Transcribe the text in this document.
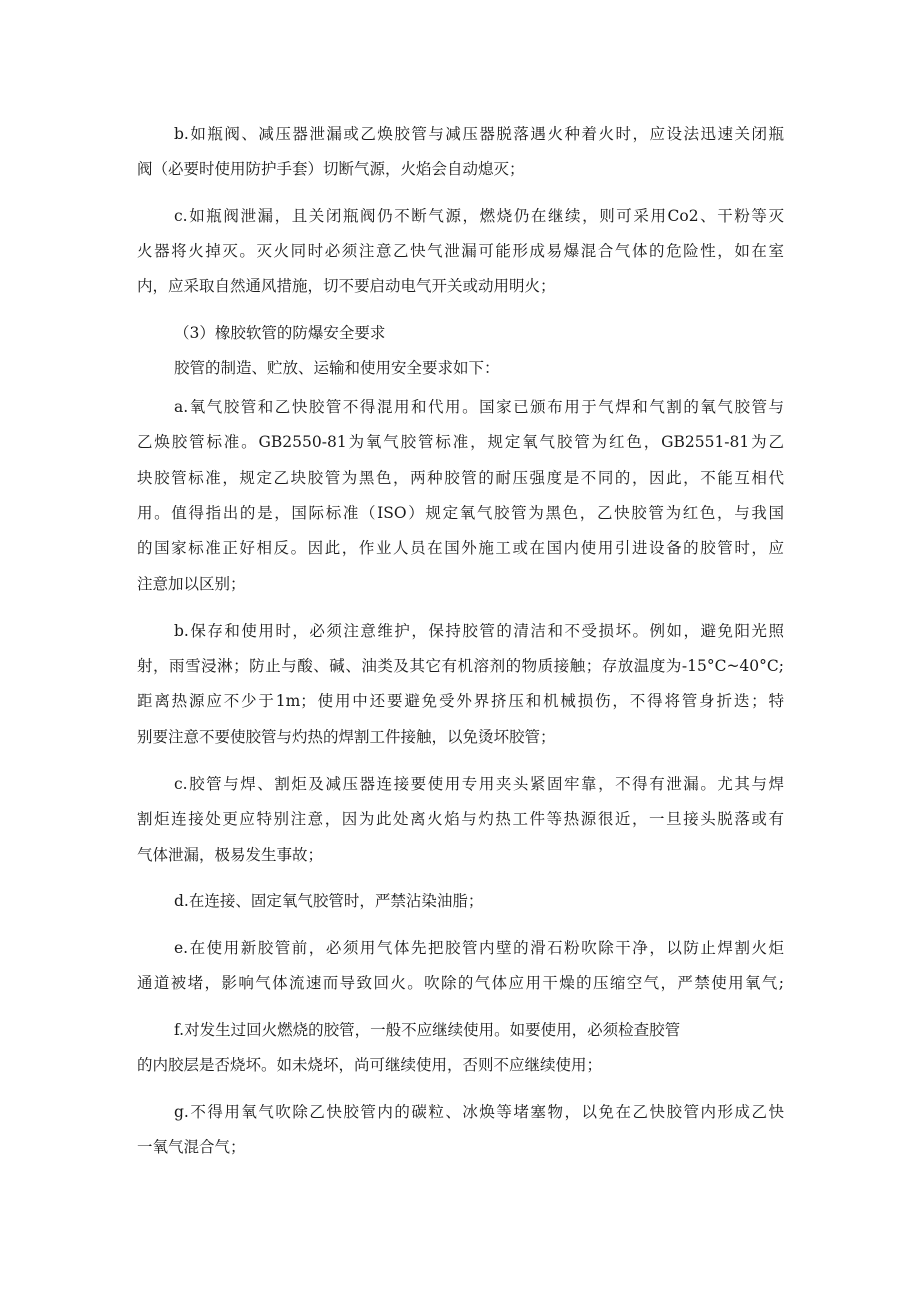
b.如瓶阀、减压器泄漏或乙焕胶管与减压器脱落遇火种着火时，应设法迅速关闭瓶

阀（必要时使用防护手套）切断气源，火焰会自动熄灭；

c.如瓶阀泄漏，且关闭瓶阀仍不断气源，燃烧仍在继续，则可采用Co2、干粉等灭

火器将火掉灭。灭火同时必须注意乙快气泄漏可能形成易爆混合气体的危险性，如在室

内，应采取自然通风措施，切不要启动电气开关或动用明火；

（3）橡胶软管的防爆安全要求

胶管的制造、贮放、运输和使用安全要求如下：

a.氧气胶管和乙快胶管不得混用和代用。国家已颁布用于气焊和气割的氧气胶管与

乙焕胶管标准。GB2550-81为氧气胶管标准，规定氧气胶管为红色，GB2551-81为乙

块胶管标准，规定乙块胶管为黑色，两种胶管的耐压强度是不同的，因此，不能互相代

用。值得指出的是，国际标准（ISO）规定氧气胶管为黑色，乙快胶管为红色，与我国

的国家标准正好相反。因此，作业人员在国外施工或在国内使用引进设备的胶管时，应

注意加以区别；

b.保存和使用时，必须注意维护，保持胶管的清洁和不受损坏。例如，避免阳光照

射，雨雪浸淋；防止与酸、碱、油类及其它有机溶剂的物质接触；存放温度为-15°C~40°C;

距离热源应不少于1m；使用中还要避免受外界挤压和机械损伤，不得将管身折迭；特

别要注意不要使胶管与灼热的焊割工件接触，以免烫坏胶管；

c.胶管与焊、割炬及减压器连接要使用专用夹头紧固牢靠，不得有泄漏。尤其与焊

割炬连接处更应特别注意，因为此处离火焰与灼热工件等热源很近，一旦接头脱落或有

气体泄漏，极易发生事故；

d.在连接、固定氧气胶管时，严禁沾染油脂；

e.在使用新胶管前，必须用气体先把胶管内壁的滑石粉吹除干净，以防止焊割火炬

通道被堵，影响气体流速而导致回火。吹除的气体应用干燥的压缩空气，严禁使用氧气;

f.对发生过回火燃烧的胶管，一般不应继续使用。如要使用，必须检查胶管

的内胶层是否烧坏。如未烧坏，尚可继续使用，否则不应继续使用；

g.不得用氧气吹除乙快胶管内的碳粒、冰焕等堵塞物，以免在乙快胶管内形成乙快

一氧气混合气；
